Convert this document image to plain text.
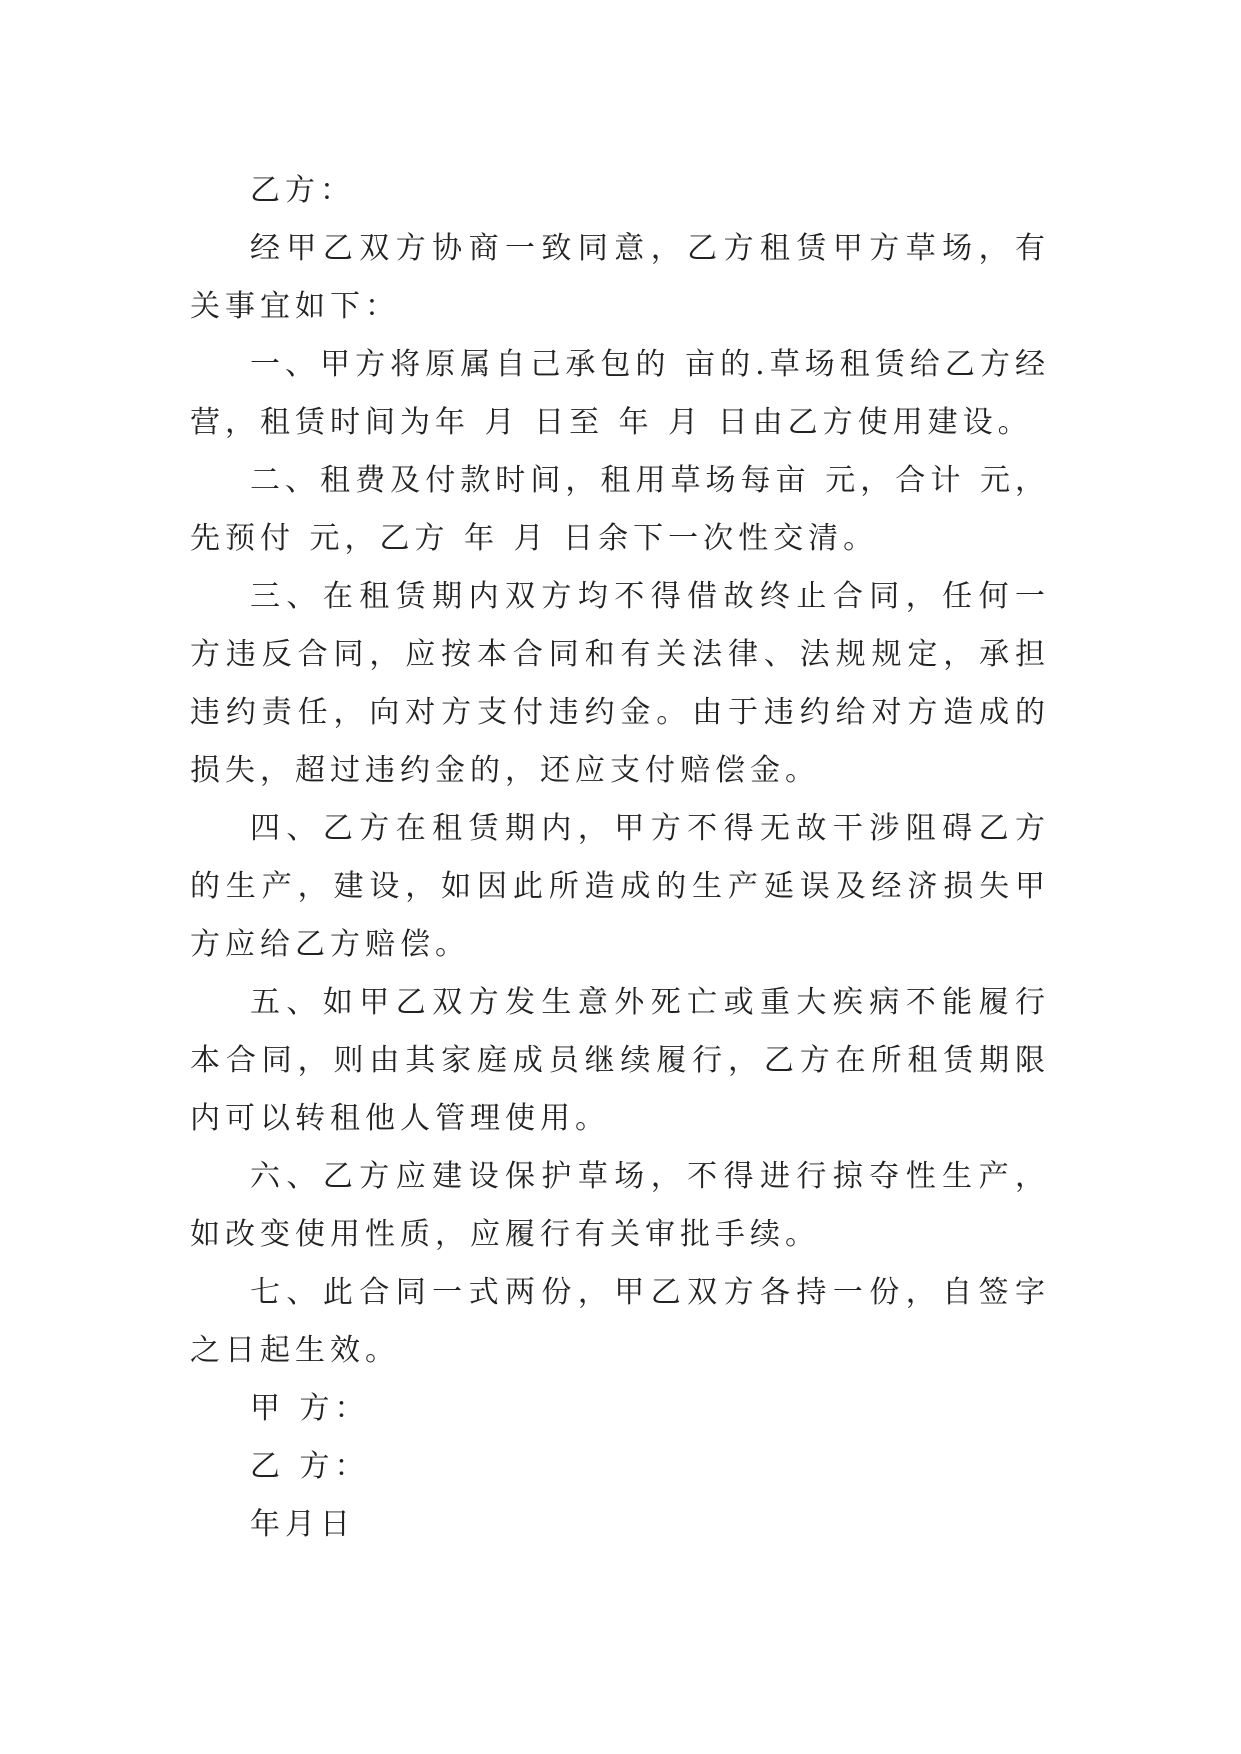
乙方：

经甲乙双方协商一致同意，乙方租赁甲方草场，有关事宜如下：

一、甲方将原属自己承包的 亩的.草场租赁给乙方经营，租赁时间为年 月 日至 年 月 日由乙方使用建设。

二、租费及付款时间，租用草场每亩 元，合计 元，先预付 元，乙方 年 月 日余下一次性交清。

三、在租赁期内双方均不得借故终止合同，任何一方违反合同，应按本合同和有关法律、法规规定，承担违约责任，向对方支付违约金。由于违约给对方造成的损失，超过违约金的，还应支付赔偿金。

四、乙方在租赁期内，甲方不得无故干涉阻碍乙方的生产，建设，如因此所造成的生产延误及经济损失甲方应给乙方赔偿。

五、如甲乙双方发生意外死亡或重大疾病不能履行本合同，则由其家庭成员继续履行，乙方在所租赁期限内可以转租他人管理使用。

六、乙方应建设保护草场，不得进行掠夺性生产，如改变使用性质，应履行有关审批手续。

七、此合同一式两份，甲乙双方各持一份，自签字之日起生效。

甲 方：

乙 方：

年月日
